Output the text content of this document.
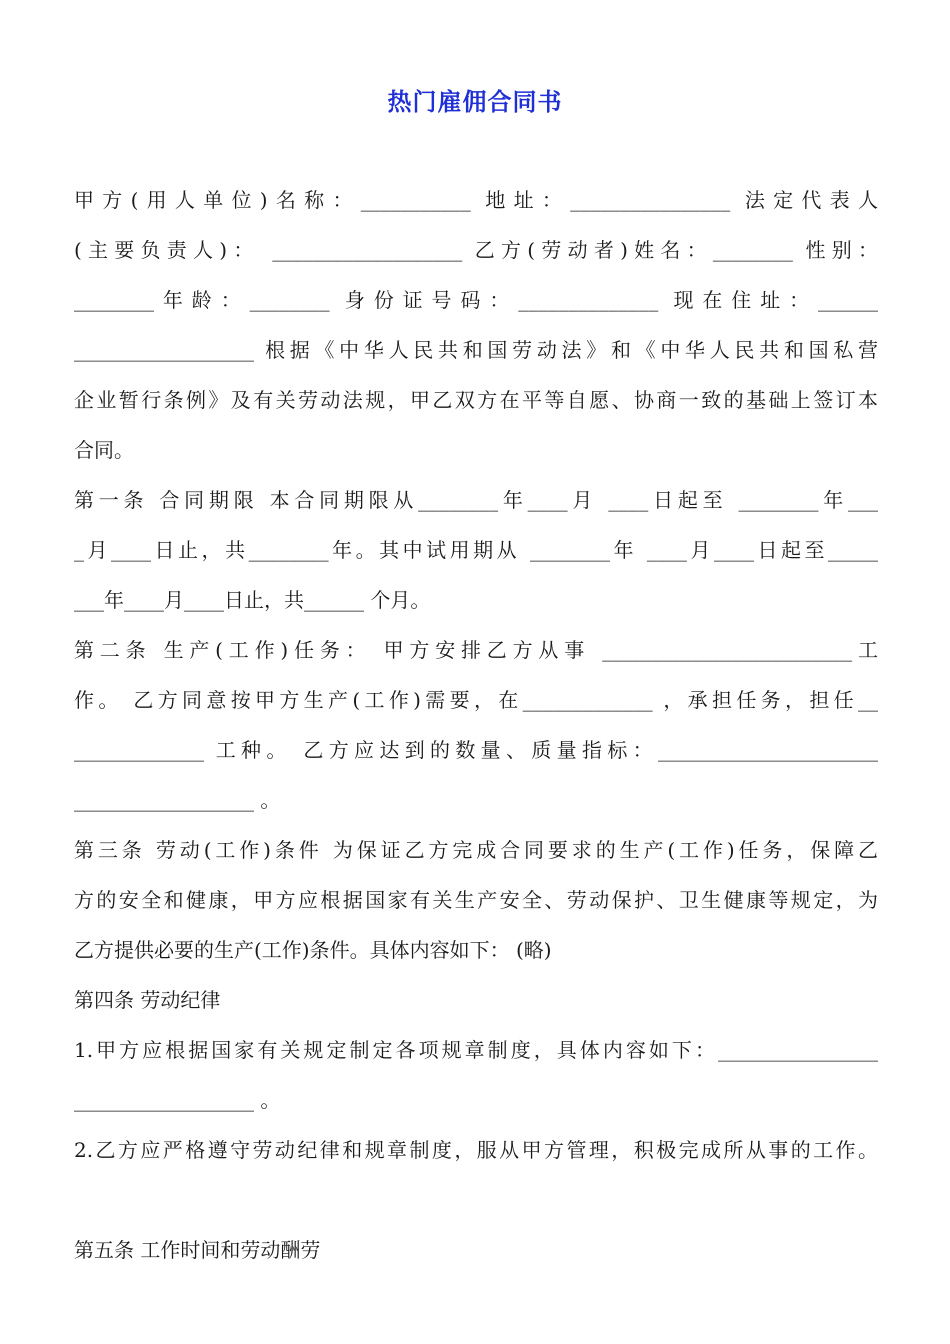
热门雇佣合同书
甲方(用人单位)名称：___________ 地址：________________ 法定代表人
(主要负责人)： ___________________ 乙方(劳动者)姓名：________ 性别：
________年龄：________ 身份证号码：______________ 现在住址：______
__________________ 根据《中华人民共和国劳动法》和《中华人民共和国私营
企业暂行条例》及有关劳动法规，甲乙双方在平等自愿、协商一致的基础上签订本
合同。
第一条 合同期限 本合同期限从________年____月 ____日起至 ________年___
_月____日止，共________年。其中试用期从 ________年 ____月____日起至_____
___年____月____日止，共______ 个月。
第二条 生产(工作)任务： 甲方安排乙方从事 _________________________工
作。 乙方同意按甲方生产(工作)需要，在_____________ ，承担任务，担任__
_____________ 工种。 乙方应达到的数量、质量指标：______________________
__________________ 。
第三条 劳动(工作)条件 为保证乙方完成合同要求的生产(工作)任务，保障乙
方的安全和健康，甲方应根据国家有关生产安全、劳动保护、卫生健康等规定，为
乙方提供必要的生产(工作)条件。具体内容如下： (略)
第四条 劳动纪律
1.甲方应根据国家有关规定制定各项规章制度，具体内容如下：________________
__________________ 。
2.乙方应严格遵守劳动纪律和规章制度，服从甲方管理，积极完成所从事的工作。
第五条 工作时间和劳动酬劳
